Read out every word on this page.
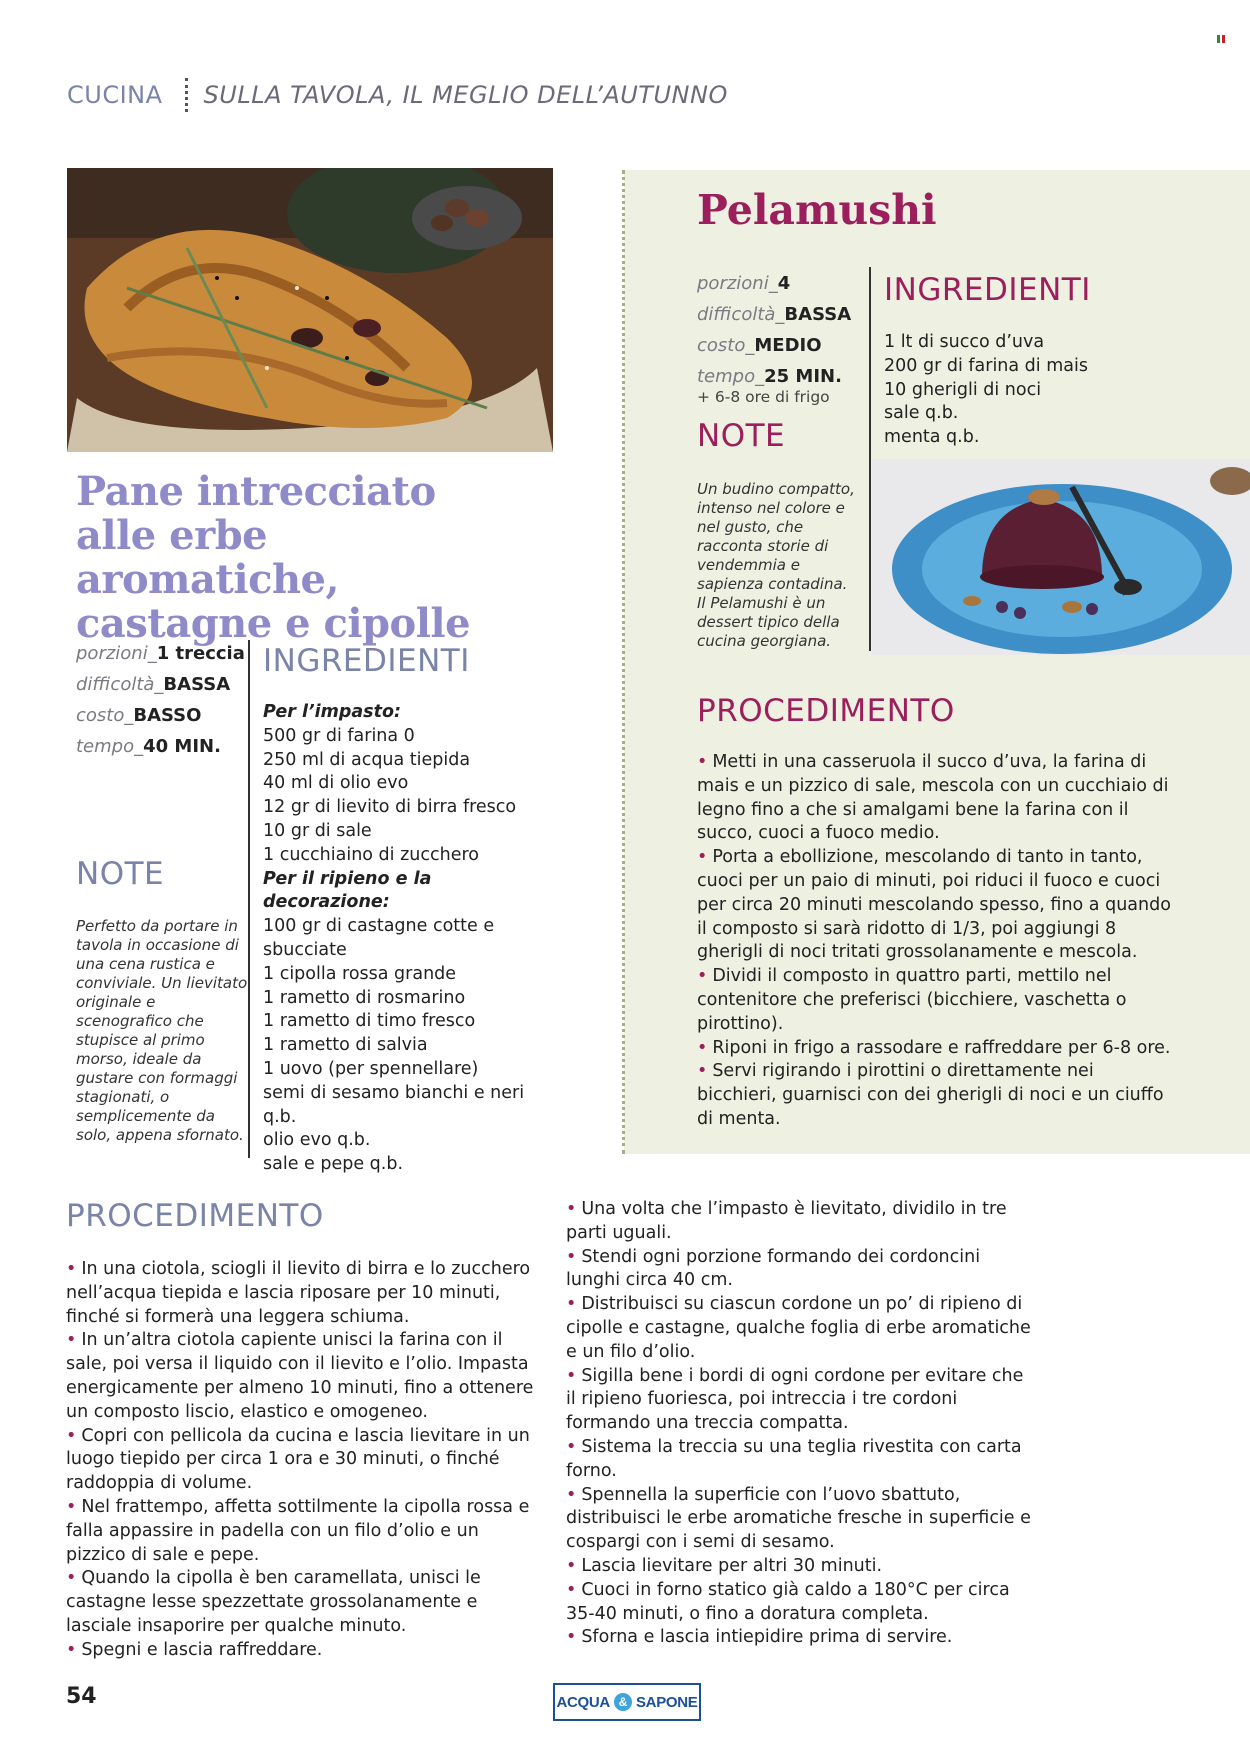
CUCINA SULLA TAVOLA, IL MEGLIO DELL’AUTUNNO
Pane intrecciato alle erbe aromatiche, castagne e cipolle
porzioni_1 treccia
difficoltà_BASSA
costo_BASSO
tempo_40 MIN.
NOTE
Perfetto da portare in tavola in occasione di una cena rustica e conviviale. Un lievitato originale e scenografico che stupisce al primo morso, ideale da gustare con formaggi stagionati, o semplicemente da solo, appena sfornato.
INGREDIENTI
Per l’impasto:
500 gr di farina 0
250 ml di acqua tiepida
40 ml di olio evo
12 gr di lievito di birra fresco
10 gr di sale
1 cucchiaino di zucchero
Per il ripieno e la decorazione:
100 gr di castagne cotte e sbucciate
1 cipolla rossa grande
1 rametto di rosmarino
1 rametto di timo fresco
1 rametto di salvia
1 uovo (per spennellare)
semi di sesamo bianchi e neri q.b.
olio evo q.b.
sale e pepe q.b.
Pelamushi
porzioni_4
difficoltà_BASSA
costo_MEDIO
tempo_25 MIN.
+ 6-8 ore di frigo
NOTE
Un budino compatto, intenso nel colore e nel gusto, che racconta storie di vendemmia e sapienza contadina. Il Pelamushi è un dessert tipico della cucina georgiana.
INGREDIENTI
1 lt di succo d’uva
200 gr di farina di mais
10 gherigli di noci
sale q.b.
menta q.b.
PROCEDIMENTO
• Metti in una casseruola il succo d’uva, la farina di mais e un pizzico di sale, mescola con un cucchiaio di legno fino a che si amalgami bene la farina con il succo, cuoci a fuoco medio.
• Porta a ebollizione, mescolando di tanto in tanto, cuoci per un paio di minuti, poi riduci il fuoco e cuoci per circa 20 minuti mescolando spesso, fino a quando il composto si sarà ridotto di 1/3, poi aggiungi 8 gherigli di noci tritati grossolanamente e mescola.
• Dividi il composto in quattro parti, mettilo nel contenitore che preferisci (bicchiere, vaschetta o pirottino).
• Riponi in frigo a rassodare e raffreddare per 6-8 ore.
• Servi rigirando i pirottini o direttamente nei bicchieri, guarnisci con dei gherigli di noci e un ciuffo di menta.
PROCEDIMENTO
• In una ciotola, sciogli il lievito di birra e lo zucchero nell’acqua tiepida e lascia riposare per 10 minuti, finché si formerà una leggera schiuma.
• In un’altra ciotola capiente unisci la farina con il sale, poi versa il liquido con il lievito e l’olio. Impasta energicamente per almeno 10 minuti, fino a ottenere un composto liscio, elastico e omogeneo.
• Copri con pellicola da cucina e lascia lievitare in un luogo tiepido per circa 1 ora e 30 minuti, o finché raddoppia di volume.
• Nel frattempo, affetta sottilmente la cipolla rossa e falla appassire in padella con un filo d’olio e un pizzico di sale e pepe.
• Quando la cipolla è ben caramellata, unisci le castagne lesse spezzettate grossolanamente e lasciale insaporire per qualche minuto.
• Spegni e lascia raffreddare.
• Una volta che l’impasto è lievitato, dividilo in tre parti uguali.
• Stendi ogni porzione formando dei cordoncini lunghi circa 40 cm.
• Distribuisci su ciascun cordone un po’ di ripieno di cipolle e castagne, qualche foglia di erbe aromatiche e un filo d’olio.
• Sigilla bene i bordi di ogni cordone per evitare che il ripieno fuoriesca, poi intreccia i tre cordoni formando una treccia compatta.
• Sistema la treccia su una teglia rivestita con carta forno.
• Spennella la superficie con l’uovo sbattuto, distribuisci le erbe aromatiche fresche in superficie e cospargi con i semi di sesamo.
• Lascia lievitare per altri 30 minuti.
• Cuoci in forno statico già caldo a 180°C per circa 35-40 minuti, o fino a doratura completa.
• Sforna e lascia intiepidire prima di servire.
54	ACQUA & SAPONE
